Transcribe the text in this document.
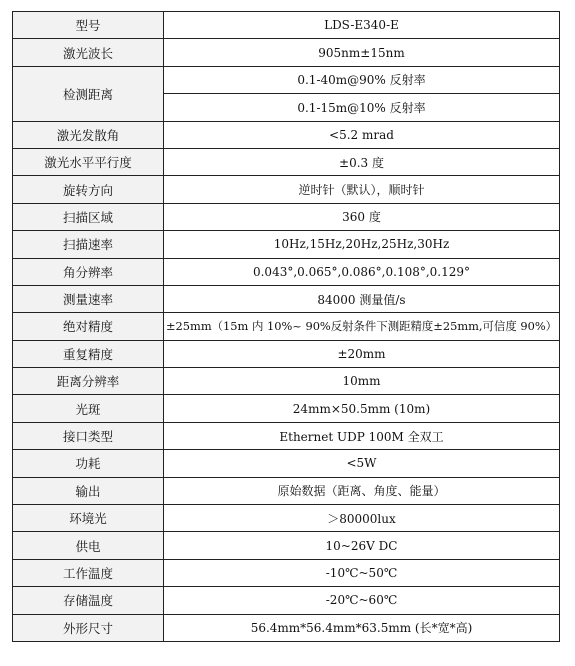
型号	LDS-E340-E
激光波长	905nm±15nm
检测距离	0.1-40m@90% 反射率
	0.1-15m@10% 反射率
激光发散角	<5.2 mrad
激光水平平行度	±0.3 度
旋转方向	逆时针（默认），顺时针
扫描区域	360 度
扫描速率	10Hz,15Hz,20Hz,25Hz,30Hz
角分辨率	0.043°,0.065°,0.086°,0.108°,0.129°
测量速率	84000 测量值/s
绝对精度	±25mm（15m 内 10%~ 90%反射条件下测距精度±25mm,可信度 90%）
重复精度	±20mm
距离分辨率	10mm
光斑	24mm×50.5mm (10m)
接口类型	Ethernet UDP 100M 全双工
功耗	<5W
输出	原始数据（距离、角度、能量）
环境光	＞80000lux
供电	10~26V DC
工作温度	-10℃~50℃
存储温度	-20℃~60℃
外形尺寸	56.4mm*56.4mm*63.5mm (长*宽*高)
